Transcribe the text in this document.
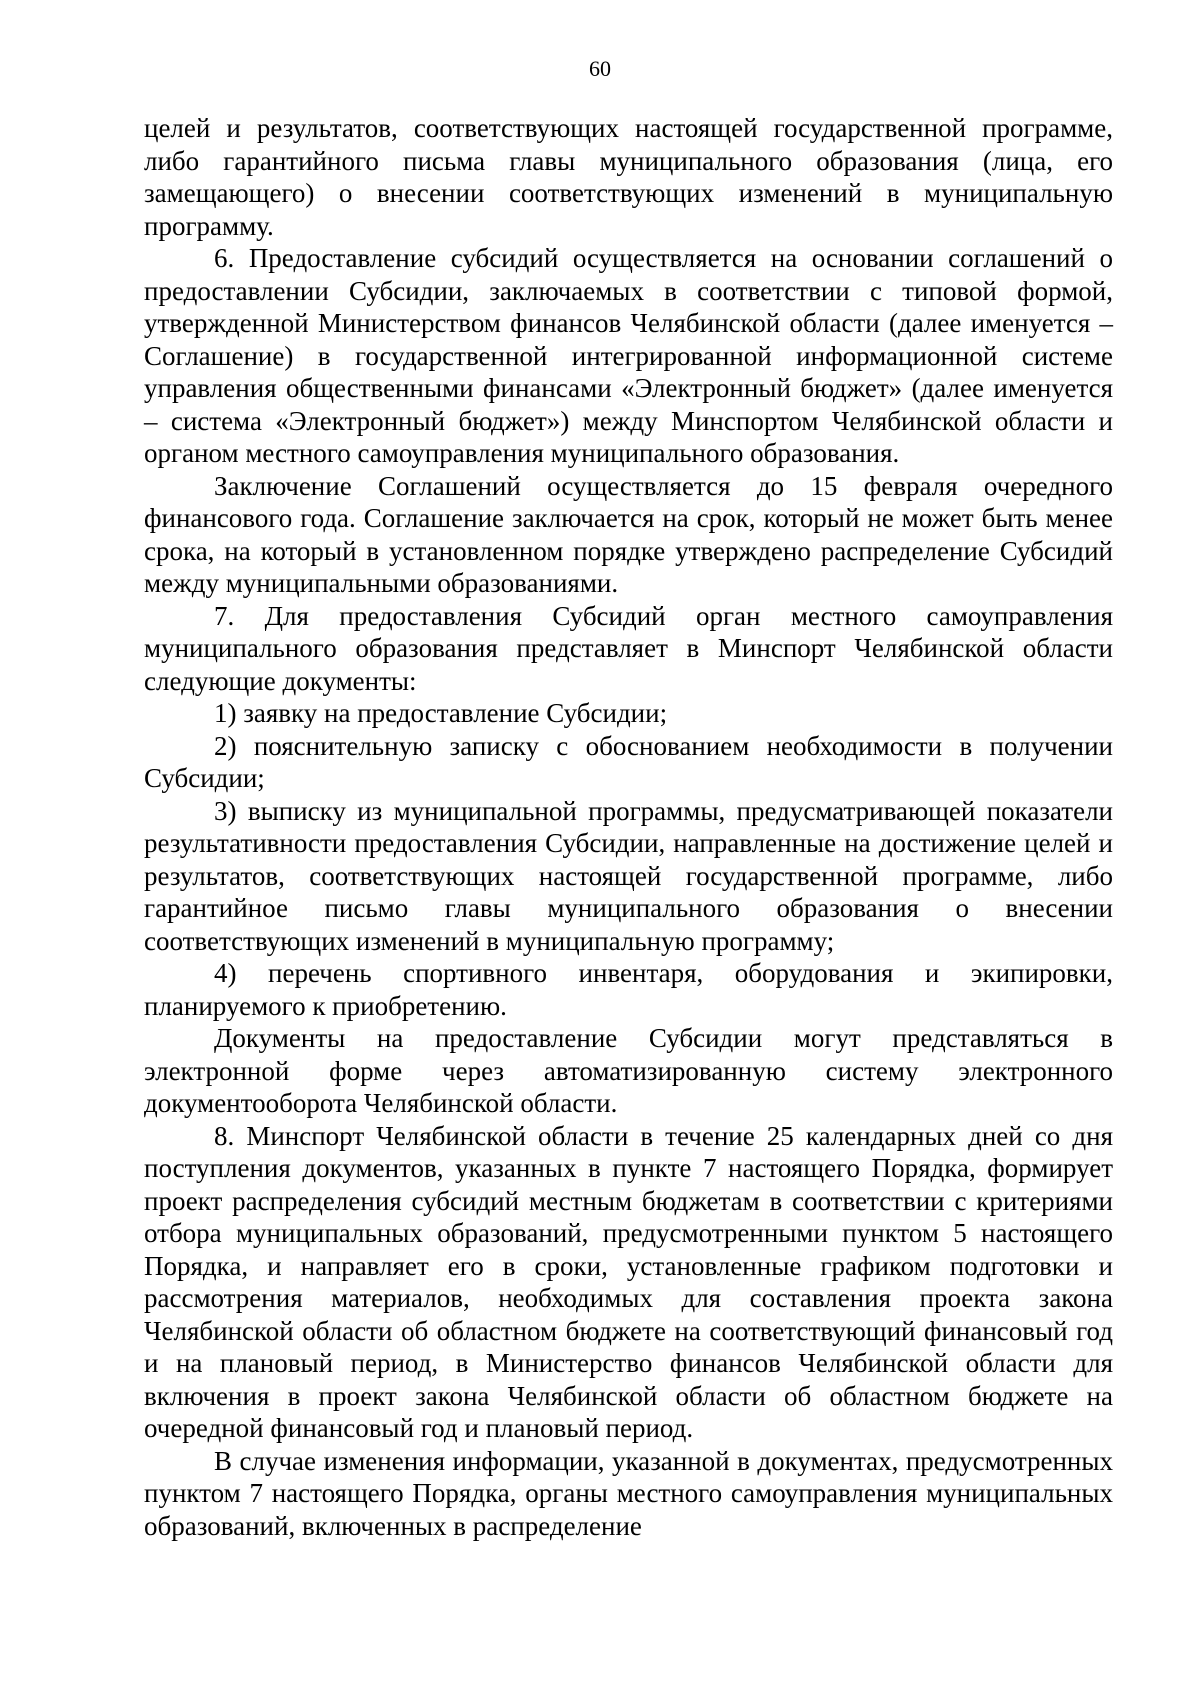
60

целей и результатов, соответствующих настоящей государственной программе, либо гарантийного письма главы муниципального образования (лица, его замещающего) о внесении соответствующих изменений в муниципальную программу.

6. Предоставление субсидий осуществляется на основании соглашений о предоставлении Субсидии, заключаемых в соответствии с типовой формой, утвержденной Министерством финансов Челябинской области (далее именуется – Соглашение) в государственной интегрированной информационной системе управления общественными финансами «Электронный бюджет» (далее именуется – система «Электронный бюджет») между Минспортом Челябинской области и органом местного самоуправления муниципального образования.

Заключение Соглашений осуществляется до 15 февраля очередного финансового года. Соглашение заключается на срок, который не может быть менее срока, на который в установленном порядке утверждено распределение Субсидий между муниципальными образованиями.

7. Для предоставления Субсидий орган местного самоуправления муниципального образования представляет в Минспорт Челябинской области следующие документы:

1) заявку на предоставление Субсидии;

2) пояснительную записку с обоснованием необходимости в получении Субсидии;

3) выписку из муниципальной программы, предусматривающей показатели результативности предоставления Субсидии, направленные на достижение целей и результатов, соответствующих настоящей государственной программе, либо гарантийное письмо главы муниципального образования о внесении соответствующих изменений в муниципальную программу;

4) перечень спортивного инвентаря, оборудования и экипировки, планируемого к приобретению.

Документы на предоставление Субсидии могут представляться в электронной форме через автоматизированную систему электронного документооборота Челябинской области.

8. Минспорт Челябинской области в течение 25 календарных дней со дня поступления документов, указанных в пункте 7 настоящего Порядка, формирует проект распределения субсидий местным бюджетам в соответствии с критериями отбора муниципальных образований, предусмотренными пунктом 5 настоящего Порядка, и направляет его в сроки, установленные графиком подготовки и рассмотрения материалов, необходимых для составления проекта закона Челябинской области об областном бюджете на соответствующий финансовый год и на плановый период, в Министерство финансов Челябинской области для включения в проект закона Челябинской области об областном бюджете на очередной финансовый год и плановый период.

В случае изменения информации, указанной в документах, предусмотренных пунктом 7 настоящего Порядка, органы местного самоуправления муниципальных образований, включенных в распределение
